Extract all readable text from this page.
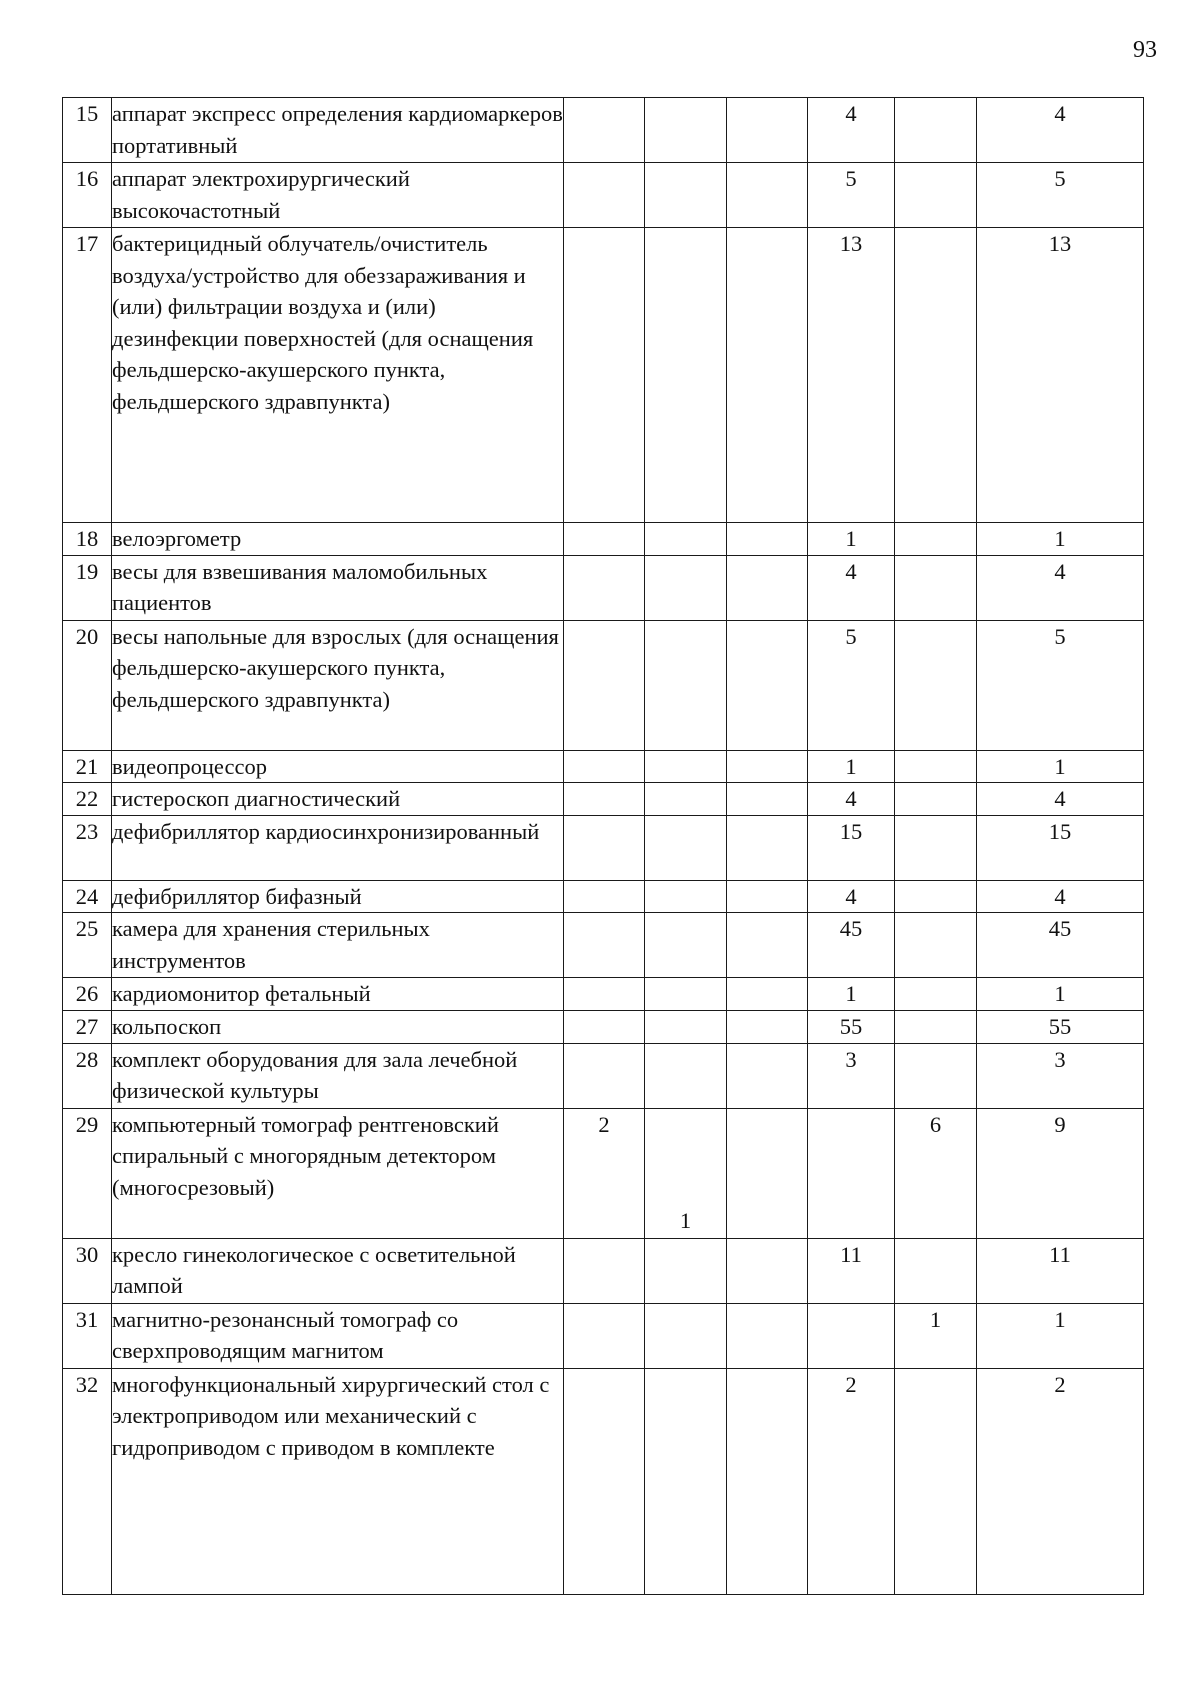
93
15	аппарат экспресс определения кардиомаркеров портативный				4		4
16	аппарат электрохирургический высокочастотный				5		5
17	бактерицидный облучатель/очиститель воздуха/устройство для обеззараживания и (или) фильтрации воздуха и (или) дезинфекции поверхностей (для оснащения фельдшерско-акушерского пункта, фельдшерского здравпункта)				13		13
18	велоэргометр				1		1
19	весы для взвешивания маломобильных пациентов				4		4
20	весы напольные для взрослых (для оснащения фельдшерско-акушерского пункта, фельдшерского здравпункта)				5		5
21	видеопроцессор				1		1
22	гистероскоп диагностический				4		4
23	дефибриллятор кардиосинхронизированный				15		15
24	дефибриллятор бифазный				4		4
25	камера для хранения стерильных инструментов				45		45
26	кардиомонитор фетальный				1		1
27	кольпоскоп				55		55
28	комплект оборудования для зала лечебной физической культуры				3		3
29	компьютерный томограф рентгеновский спиральный с многорядным детектором (многосрезовый)	2	1			6	9
30	кресло гинекологическое с осветительной лампой				11		11
31	магнитно-резонансный томограф со сверхпроводящим магнитом					1	1
32	многофункциональный хирургический стол с электроприводом или механический с гидроприводом с приводом в комплекте				2		2
